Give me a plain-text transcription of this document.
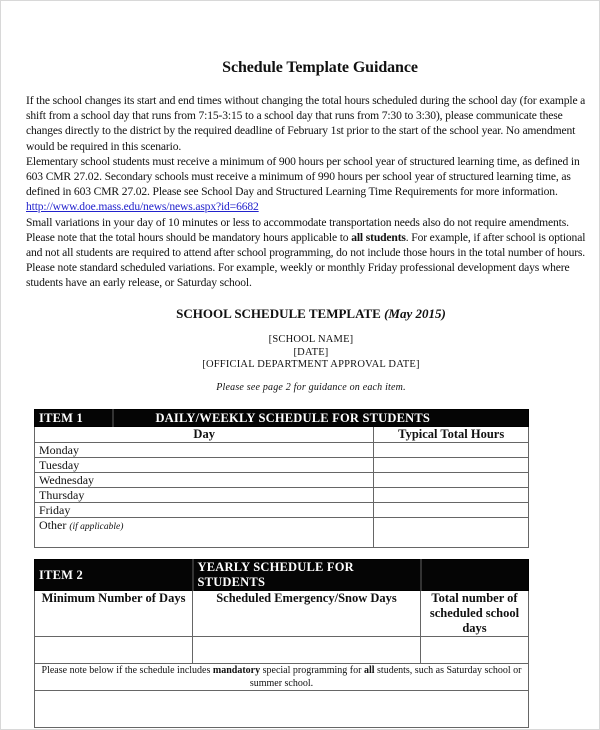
Schedule Template Guidance

If the school changes its start and end times without changing the total hours scheduled during the school day (for example a shift from a school day that runs from 7:15-3:15 to a school day that runs from 7:30 to 3:30), please communicate these changes directly to the district by the required deadline of February 1st prior to the start of the school year. No amendment would be required in this scenario.

Elementary school students must receive a minimum of 900 hours per school year of structured learning time, as defined in 603 CMR 27.02. Secondary schools must receive a minimum of 990 hours per school year of structured learning time, as defined in 603 CMR 27.02. Please see School Day and Structured Learning Time Requirements for more information. http://www.doe.mass.edu/news/news.aspx?id=6682

Small variations in your day of 10 minutes or less to accommodate transportation needs also do not require amendments.

Please note that the total hours should be mandatory hours applicable to all students. For example, if after school is optional and not all students are required to attend after school programming, do not include those hours in the total number of hours.

Please note standard scheduled variations. For example, weekly or monthly Friday professional development days where students have an early release, or Saturday school.

SCHOOL SCHEDULE TEMPLATE (May 2015)
[SCHOOL NAME]
[DATE]
[OFFICIAL DEPARTMENT APPROVAL DATE]
Please see page 2 for guidance on each item.
ITEM 1	DAILY/WEEKLY SCHEDULE FOR STUDENTS	
Day		Typical Total Hours
Monday		
Tuesday		
Wednesday		
Thursday		
Friday		
Other (if applicable)		
ITEM 2	YEARLY SCHEDULE FOR STUDENTS	
Minimum Number of Days	Scheduled Emergency/Snow Days	Total number of scheduled school days

Please note below if the schedule includes mandatory special programming for all students, such as Saturday school or summer school.		
